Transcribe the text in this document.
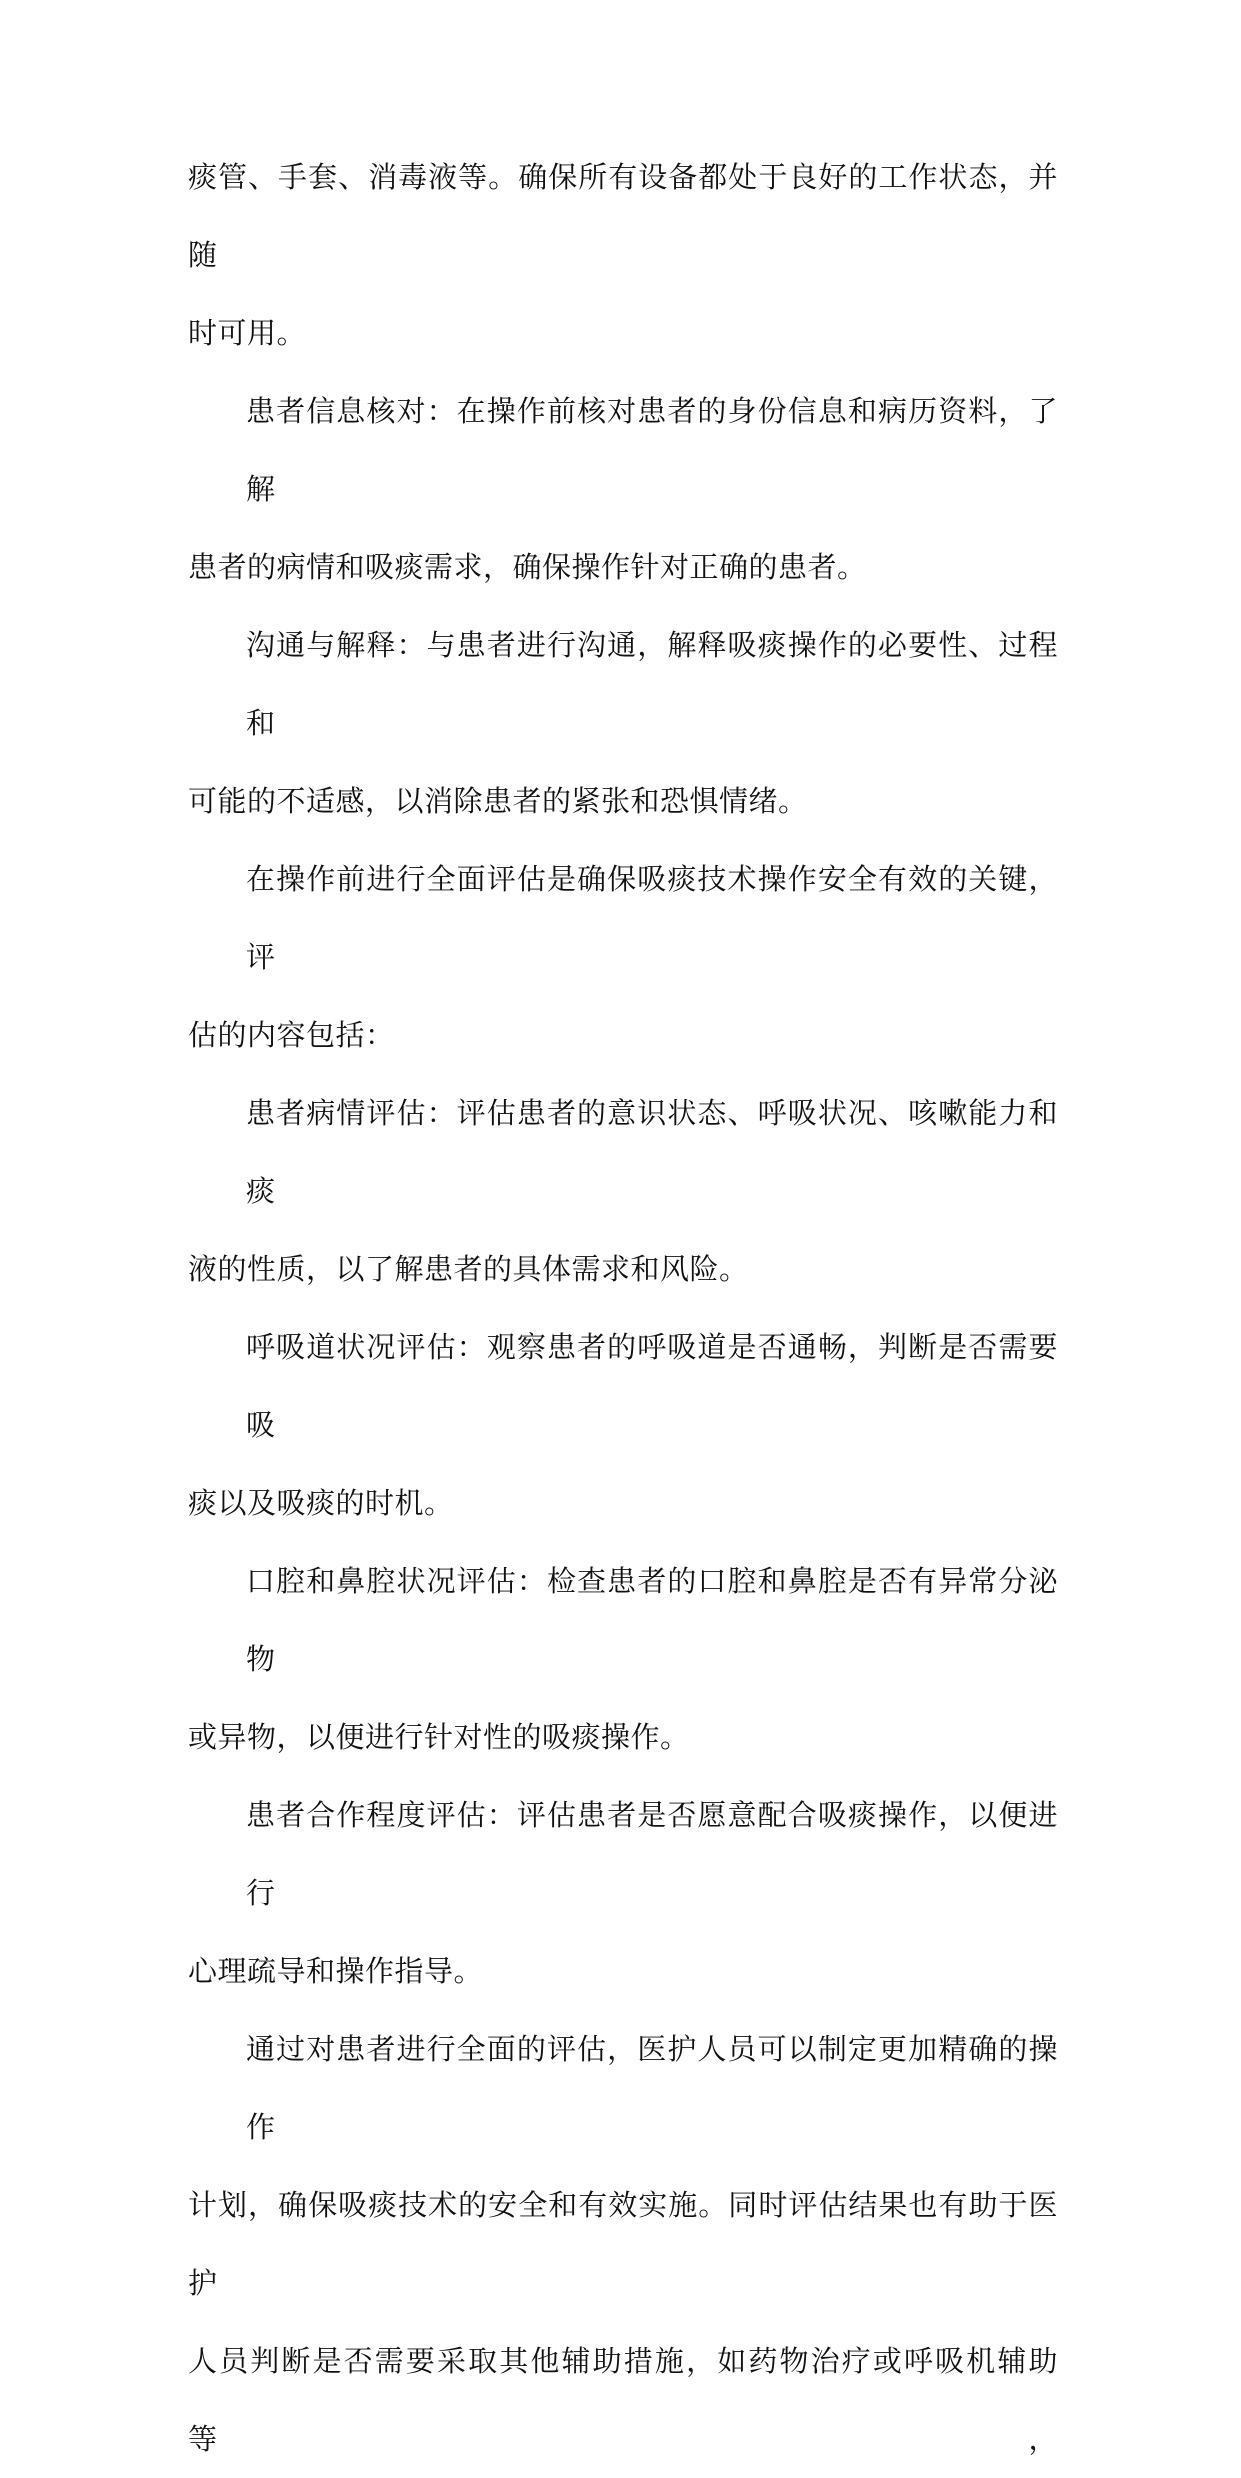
痰管、手套、消毒液等。确保所有设备都处于良好的工作状态，并随
时可用。
患者信息核对：在操作前核对患者的身份信息和病历资料，了解
患者的病情和吸痰需求，确保操作针对正确的患者。
沟通与解释：与患者进行沟通，解释吸痰操作的必要性、过程和
可能的不适感，以消除患者的紧张和恐惧情绪。
在操作前进行全面评估是确保吸痰技术操作安全有效的关键，评
估的内容包括：
患者病情评估：评估患者的意识状态、呼吸状况、咳嗽能力和痰
液的性质，以了解患者的具体需求和风险。
呼吸道状况评估：观察患者的呼吸道是否通畅，判断是否需要吸
痰以及吸痰的时机。
口腔和鼻腔状况评估：检查患者的口腔和鼻腔是否有异常分泌物
或异物，以便进行针对性的吸痰操作。
患者合作程度评估：评估患者是否愿意配合吸痰操作，以便进行
心理疏导和操作指导。
通过对患者进行全面的评估，医护人员可以制定更加精确的操作
计划，确保吸痰技术的安全和有效实施。同时评估结果也有助于医护
人员判断是否需要采取其他辅助措施，如药物治疗或呼吸机辅助等，
